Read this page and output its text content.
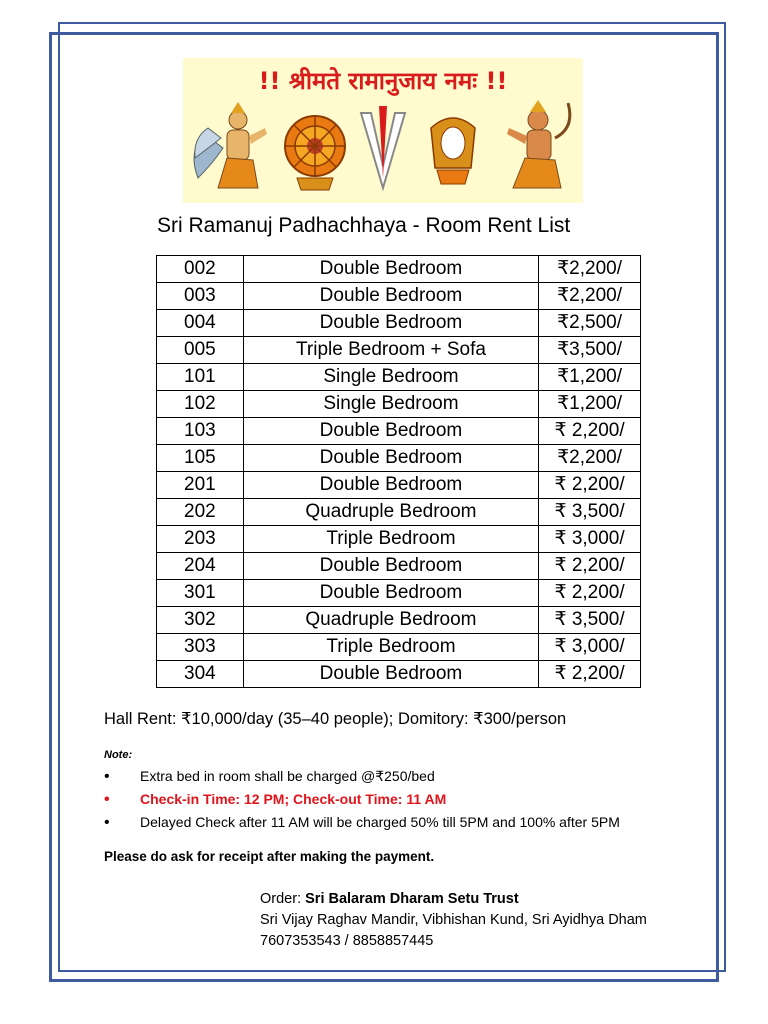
!! श्रीमते रामानुजाय नमः !!
Sri Ramanuj Padhachhaya - Room Rent List
002	Double Bedroom	₹2,200/
003	Double Bedroom	₹2,200/
004	Double Bedroom	₹2,500/
005	Triple Bedroom + Sofa	₹3,500/
101	Single Bedroom	₹1,200/
102	Single Bedroom	₹1,200/
103	Double Bedroom	₹ 2,200/
105	Double Bedroom	₹2,200/
201	Double Bedroom	₹ 2,200/
202	Quadruple Bedroom	₹ 3,500/
203	Triple Bedroom	₹ 3,000/
204	Double Bedroom	₹ 2,200/
301	Double Bedroom	₹ 2,200/
302	Quadruple Bedroom	₹ 3,500/
303	Triple Bedroom	₹ 3,000/
304	Double Bedroom	₹ 2,200/
Hall Rent: ₹10,000/day (35–40 people); Domitory: ₹300/person
Note:
• Extra bed in room shall be charged @₹250/bed
• Check-in Time: 12 PM; Check-out Time: 11 AM
• Delayed Check after 11 AM will be charged 50% till 5PM and 100% after 5PM
Please do ask for receipt after making the payment.
Order: Sri Balaram Dharam Setu Trust
Sri Vijay Raghav Mandir, Vibhishan Kund, Sri Ayidhya Dham
7607353543 / 8858857445
